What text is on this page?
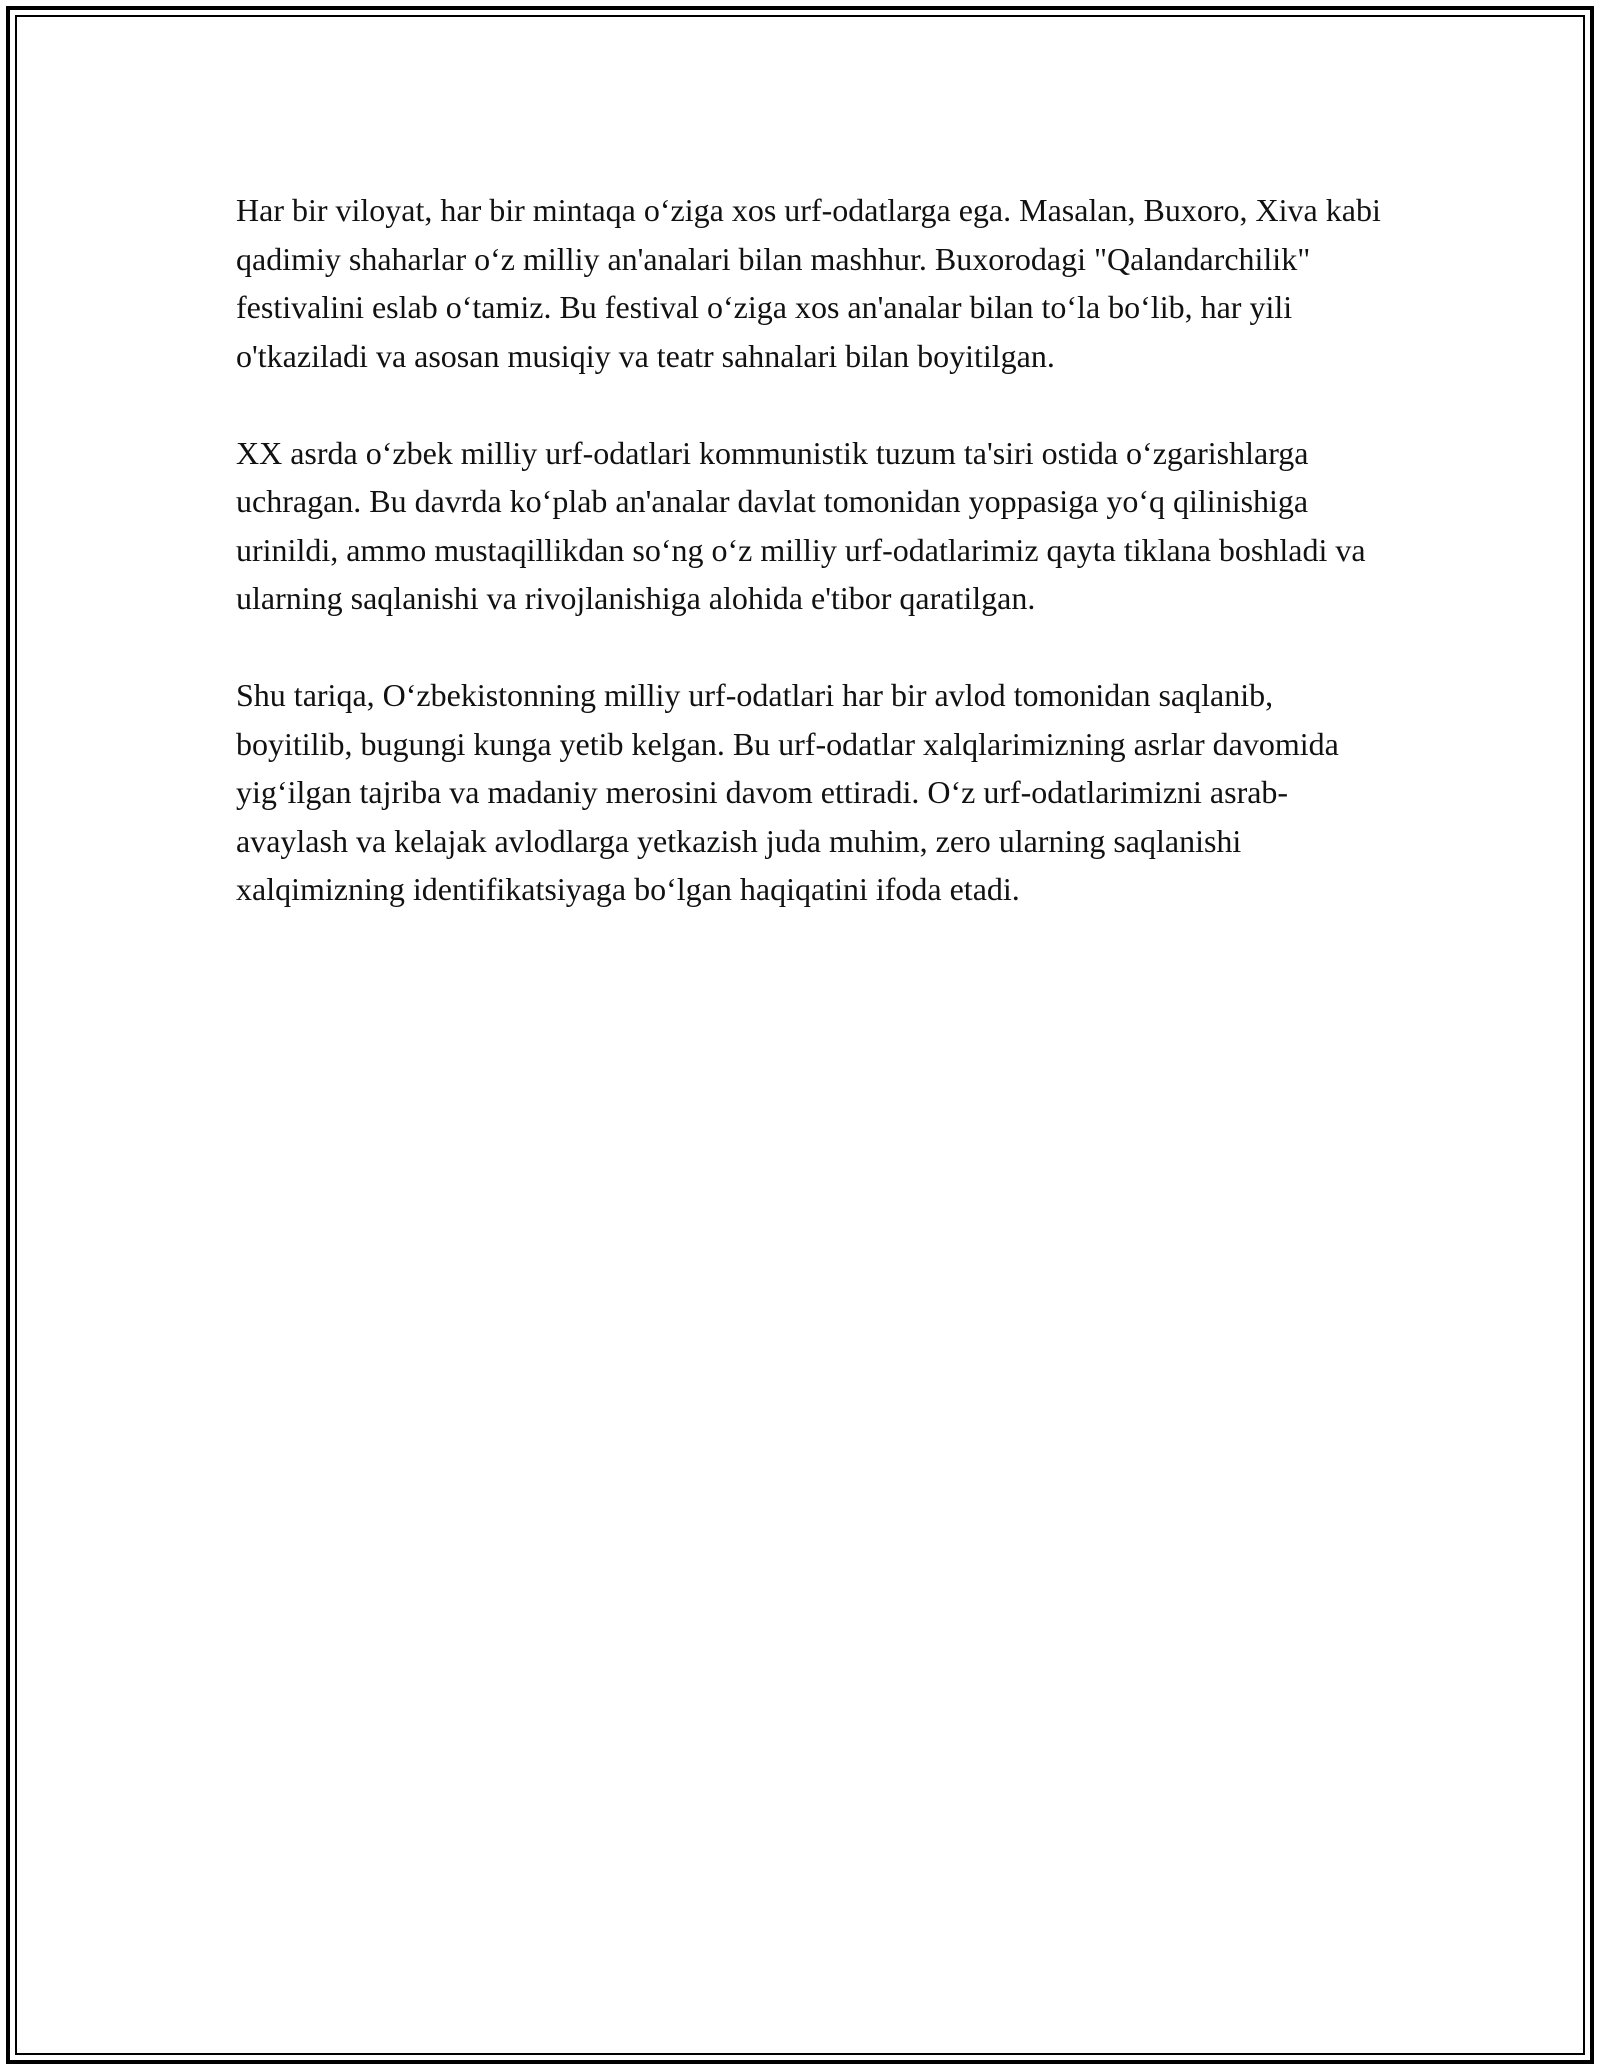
Har bir viloyat, har bir mintaqa o‘ziga xos urf-odatlarga ega. Masalan, Buxoro, Xiva kabi qadimiy shaharlar o‘z milliy an'analari bilan mashhur. Buxorodagi "Qalandarchilik" festivalini eslab o‘tamiz. Bu festival o‘ziga xos an'analar bilan to‘la bo‘lib, har yili o'tkaziladi va asosan musiqiy va teatr sahnalari bilan boyitilgan.

XX asrda o‘zbek milliy urf-odatlari kommunistik tuzum ta'siri ostida o‘zgarishlarga uchragan. Bu davrda ko‘plab an'analar davlat tomonidan yoppasiga yo‘q qilinishiga urinildi, ammo mustaqillikdan so‘ng o‘z milliy urf-odatlarimiz qayta tiklana boshladi va ularning saqlanishi va rivojlanishiga alohida e'tibor qaratilgan.

Shu tariqa, O‘zbekistonning milliy urf-odatlari har bir avlod tomonidan saqlanib, boyitilib, bugungi kunga yetib kelgan. Bu urf-odatlar xalqlarimizning asrlar davomida yig‘ilgan tajriba va madaniy merosini davom ettiradi. O‘z urf-odatlarimizni asrab-avaylash va kelajak avlodlarga yetkazish juda muhim, zero ularning saqlanishi xalqimizning identifikatsiyaga bo‘lgan haqiqatini ifoda etadi.
